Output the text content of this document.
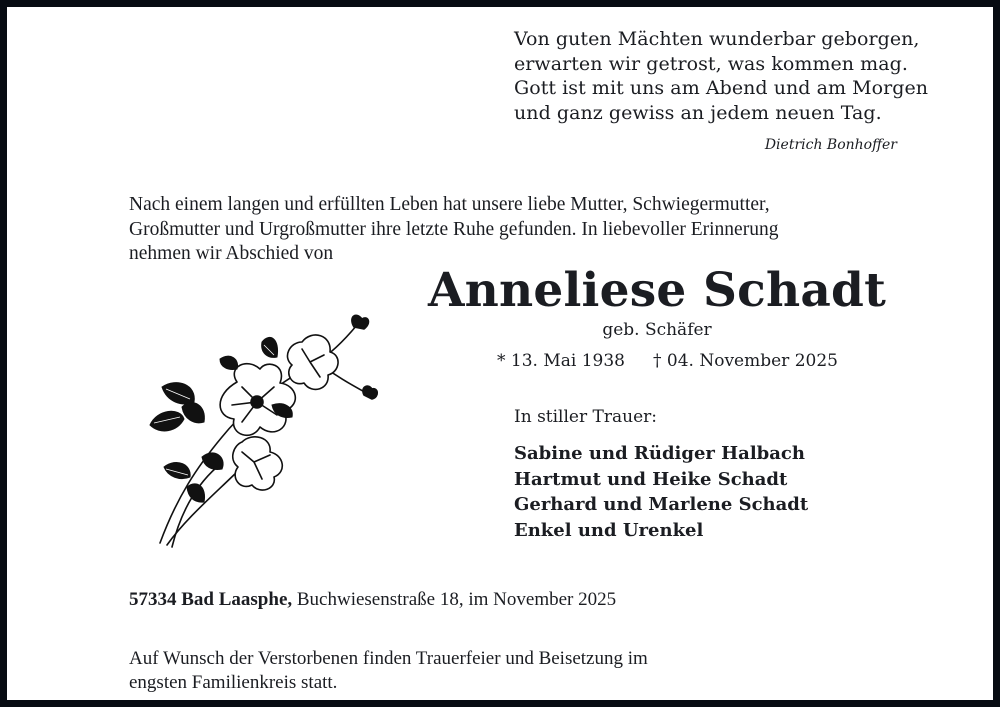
Von guten Mächten wunderbar geborgen,
erwarten wir getrost, was kommen mag.
Gott ist mit uns am Abend und am Morgen
und ganz gewiss an jedem neuen Tag.
Dietrich Bonhoffer
Nach einem langen und erfüllten Leben hat unsere liebe Mutter, Schwiegermutter,
Großmutter und Urgroßmutter ihre letzte Ruhe gefunden. In liebevoller Erinnerung
nehmen wir Abschied von
Anneliese Schadt
geb. Schäfer
* 13. Mai 1938 † 04. November 2025
In stiller Trauer:
Sabine und Rüdiger Halbach
Hartmut und Heike Schadt
Gerhard und Marlene Schadt
Enkel und Urenkel
57334 Bad Laasphe, Buchwiesenstraße 18, im November 2025
Auf Wunsch der Verstorbenen finden Trauerfeier und Beisetzung im
engsten Familienkreis statt.
